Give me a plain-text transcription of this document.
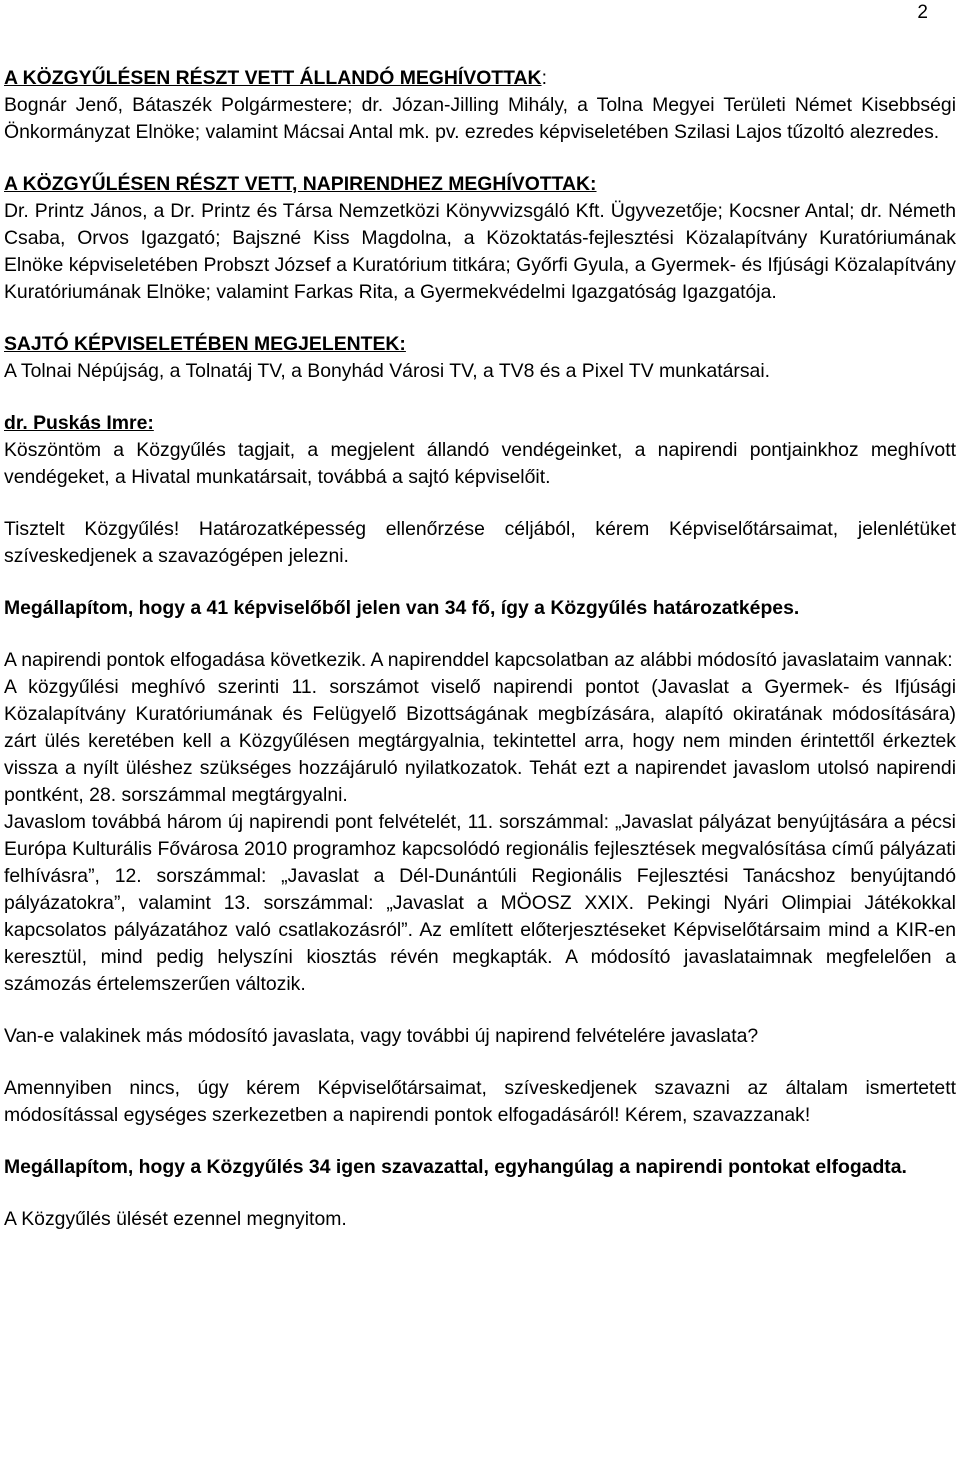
2

A KÖZGYŰLÉSEN RÉSZT VETT ÁLLANDÓ MEGHÍVOTTAK:

Bognár Jenő, Bátaszék Polgármestere; dr. Józan-Jilling Mihály, a Tolna Megyei Területi Német Kisebbségi Önkormányzat Elnöke; valamint Mácsai Antal mk. pv. ezredes képviseletében Szilasi Lajos tűzoltó alezredes.

A KÖZGYŰLÉSEN RÉSZT VETT, NAPIRENDHEZ MEGHÍVOTTAK:

Dr. Printz János, a Dr. Printz és Társa Nemzetközi Könyvvizsgáló Kft. Ügyvezetője; Kocsner Antal; dr. Németh Csaba, Orvos Igazgató; Bajszné Kiss Magdolna, a Közoktatás-fejlesztési Közalapítvány Kuratóriumának Elnöke képviseletében Probszt József a Kuratórium titkára; Győrfi Gyula, a Gyermek- és Ifjúsági Közalapítvány Kuratóriumának Elnöke; valamint Farkas Rita, a Gyermekvédelmi Igazgatóság Igazgatója.

SAJTÓ KÉPVISELETÉBEN MEGJELENTEK:

A Tolnai Népújság, a Tolnatáj TV, a Bonyhád Városi TV, a TV8 és a Pixel TV munkatársai.

dr. Puskás Imre:

Köszöntöm a Közgyűlés tagjait, a megjelent állandó vendégeinket, a napirendi pontjainkhoz meghívott vendégeket, a Hivatal munkatársait, továbbá a sajtó képviselőit.

Tisztelt Közgyűlés! Határozatképesség ellenőrzése céljából, kérem Képviselőtársaimat, jelenlétüket szíveskedjenek a szavazógépen jelezni.

Megállapítom, hogy a 41 képviselőből jelen van 34 fő, így a Közgyűlés határozatképes.

A napirendi pontok elfogadása következik. A napirenddel kapcsolatban az alábbi módosító javaslataim vannak:

A közgyűlési meghívó szerinti 11. sorszámot viselő napirendi pontot (Javaslat a Gyermek- és Ifjúsági Közalapítvány Kuratóriumának és Felügyelő Bizottságának megbízására, alapító okiratának módosítására) zárt ülés keretében kell a Közgyűlésen megtárgyalnia, tekintettel arra, hogy nem minden érintettől érkeztek vissza a nyílt üléshez szükséges hozzájáruló nyilatkozatok. Tehát ezt a napirendet javaslom utolsó napirendi pontként, 28. sorszámmal megtárgyalni.

Javaslom továbbá három új napirendi pont felvételét, 11. sorszámmal: „Javaslat pályázat benyújtására a pécsi Európa Kulturális Fővárosa 2010 programhoz kapcsolódó regionális fejlesztések megvalósítása című pályázati felhívásra”, 12. sorszámmal: „Javaslat a Dél-Dunántúli Regionális Fejlesztési Tanácshoz benyújtandó pályázatokra”, valamint 13. sorszámmal: „Javaslat a MÖOSZ XXIX. Pekingi Nyári Olimpiai Játékokkal kapcsolatos pályázatához való csatlakozásról”. Az említett előterjesztéseket Képviselőtársaim mind a KIR-en keresztül, mind pedig helyszíni kiosztás révén megkapták. A módosító javaslataimnak megfelelően a számozás értelemszerűen változik.

Van-e valakinek más módosító javaslata, vagy további új napirend felvételére javaslata?

Amennyiben nincs, úgy kérem Képviselőtársaimat, szíveskedjenek szavazni az általam ismertetett módosítással egységes szerkezetben a napirendi pontok elfogadásáról! Kérem, szavazzanak!

Megállapítom, hogy a Közgyűlés 34 igen szavazattal, egyhangúlag a napirendi pontokat elfogadta.

A Közgyűlés ülését ezennel megnyitom.
